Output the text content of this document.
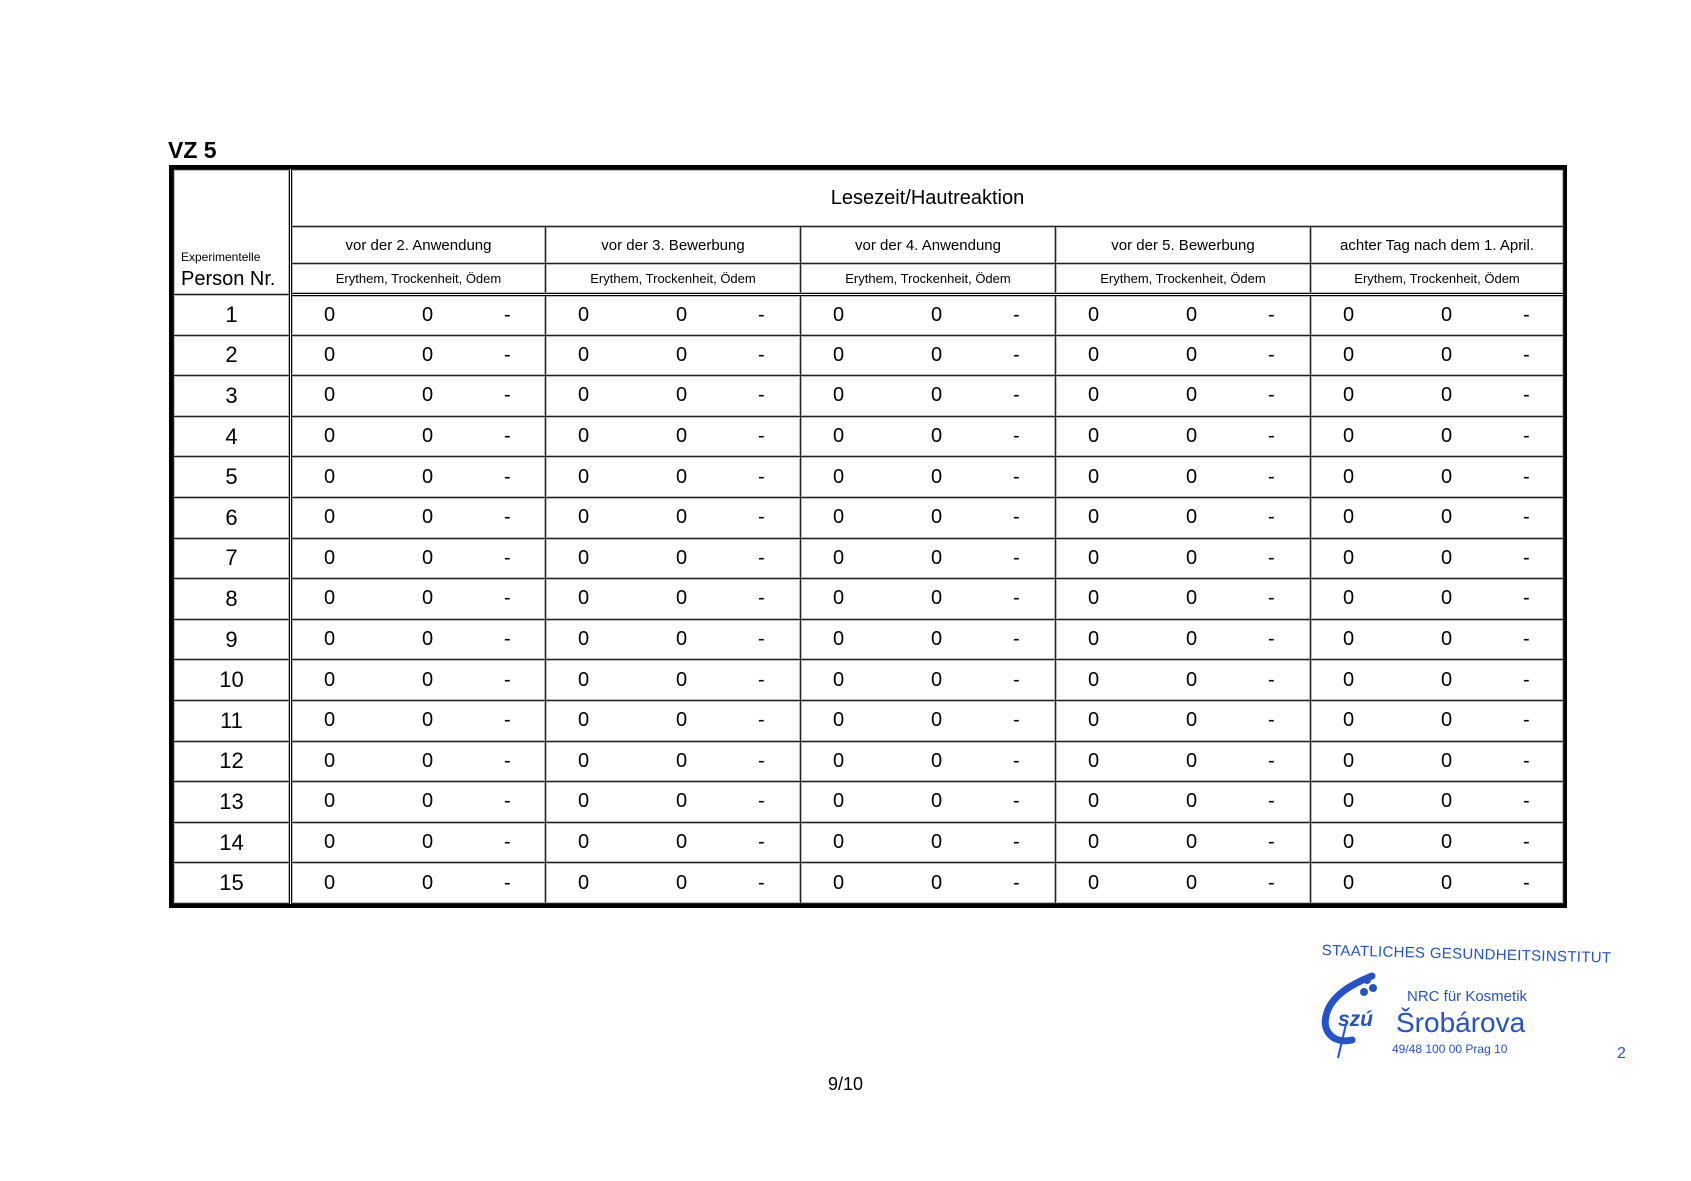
VZ 5
Experimentelle
Person Nr.	Lesezeit/Hautreaktion				
	vor der 2. Anwendung	vor der 3. Bewerbung	vor der 4. Anwendung	vor der 5. Bewerbung	achter Tag nach dem 1. April.
	Erythem, Trockenheit, Ödem	Erythem, Trockenheit, Ödem	Erythem, Trockenheit, Ödem	Erythem, Trockenheit, Ödem	Erythem, Trockenheit, Ödem
1	0 0 -	0 0 -	0 0 -	0 0 -	0 0 -

2	0 0 -	0 0 -	0 0 -	0 0 -	0 0 -

3	0 0 -	0 0 -	0 0 -	0 0 -	0 0 -

4	0 0 -	0 0 -	0 0 -	0 0 -	0 0 -

5	0 0 -	0 0 -	0 0 -	0 0 -	0 0 -

6	0 0 -	0 0 -	0 0 -	0 0 -	0 0 -

7	0 0 -	0 0 -	0 0 -	0 0 -	0 0 -

8	0 0 -	0 0 -	0 0 -	0 0 -	0 0 -

9	0 0 -	0 0 -	0 0 -	0 0 -	0 0 -

10	0 0 -	0 0 -	0 0 -	0 0 -	0 0 -

11	0 0 -	0 0 -	0 0 -	0 0 -	0 0 -

12	0 0 -	0 0 -	0 0 -	0 0 -	0 0 -

13	0 0 -	0 0 -	0 0 -	0 0 -	0 0 -

14	0 0 -	0 0 -	0 0 -	0 0 -	0 0 -

15	0 0 -	0 0 -	0 0 -	0 0 -	0 0 -
STAATLICHES GESUNDHEITSINSTITUT
szú
NRC für Kosmetik
Šrobárova
49/48 100 00 Prag 10
9/10
2
